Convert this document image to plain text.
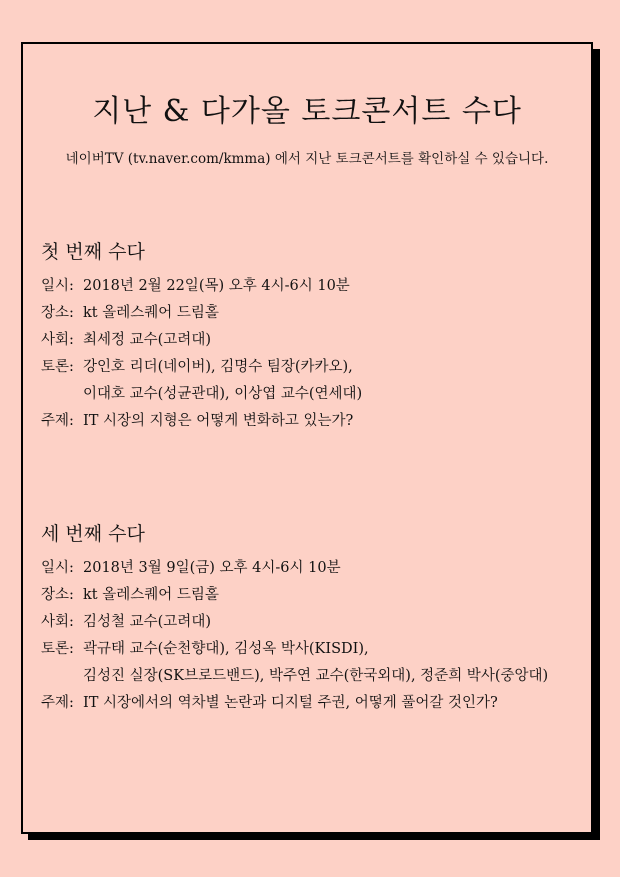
지난 & 다가올 토크콘서트 수다
네이버TV (tv.naver.com/kmma) 에서 지난 토크콘서트를 확인하실 수 있습니다.
첫 번째 수다
일시: 2018년 2월 22일(목) 오후 4시-6시 10분
장소: kt 올레스퀘어 드림홀
사회: 최세정 교수(고려대)
토론: 강인호 리더(네이버), 김명수 팀장(카카오),
이대호 교수(성균관대), 이상엽 교수(연세대)
주제: IT 시장의 지형은 어떻게 변화하고 있는가?
세 번째 수다
일시: 2018년 3월 9일(금) 오후 4시-6시 10분
장소: kt 올레스퀘어 드림홀
사회: 김성철 교수(고려대)
토론: 곽규태 교수(순천향대), 김성옥 박사(KISDI),
김성진 실장(SK브로드밴드), 박주연 교수(한국외대), 정준희 박사(중앙대)
주제: IT 시장에서의 역차별 논란과 디지털 주권, 어떻게 풀어갈 것인가?
